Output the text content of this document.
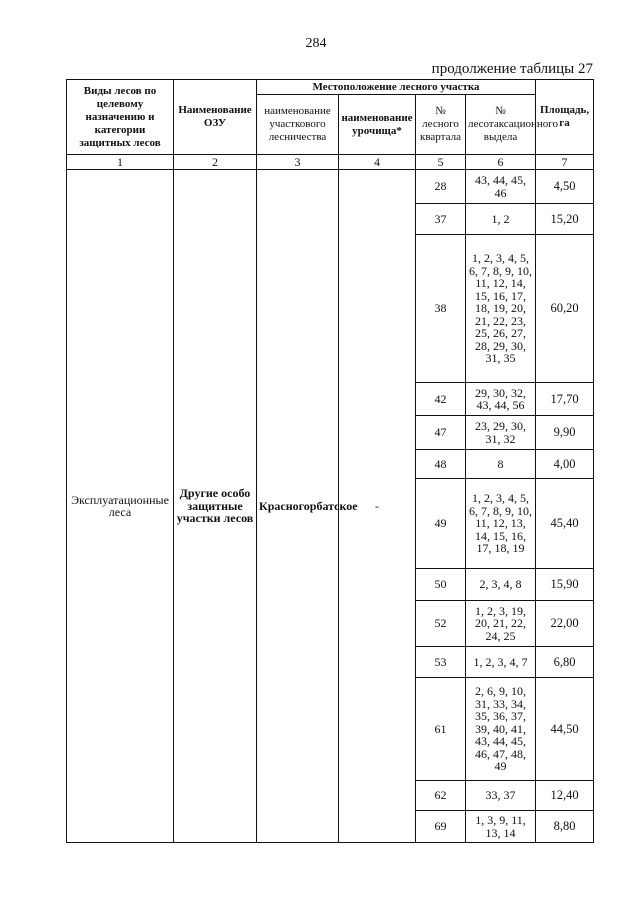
284
продолжение таблицы 27
Виды лесов по целевому назначению и категории защитных лесов	Наименование ОЗУ	Местоположение лесного участка				Площадь, га
		наименование участкового лесничества	наименование урочища*	№ лесного квартала	№ лесотаксационного выдела	
1	2	3	4	5	6	7
Эксплуатационные леса	Другие особо защитные участки лесов	Красногорбатское	-	28	43, 44, 45, 46	4,50
				37	1, 2	15,20
				38	1, 2, 3, 4, 5, 6, 7, 8, 9, 10, 11, 12, 14, 15, 16, 17, 18, 19, 20, 21, 22, 23, 25, 26, 27, 28, 29, 30, 31, 35	60,20
				42	29, 30, 32, 43, 44, 56	17,70
				47	23, 29, 30, 31, 32	9,90
				48	8	4,00
				49	1, 2, 3, 4, 5, 6, 7, 8, 9, 10, 11, 12, 13, 14, 15, 16, 17, 18, 19	45,40
				50	2, 3, 4, 8	15,90
				52	1, 2, 3, 19, 20, 21, 22, 24, 25	22,00
				53	1, 2, 3, 4, 7	6,80
				61	2, 6, 9, 10, 31, 33, 34, 35, 36, 37, 39, 40, 41, 43, 44, 45, 46, 47, 48, 49	44,50
				62	33, 37	12,40
				69	1, 3, 9, 11, 13, 14	8,80
